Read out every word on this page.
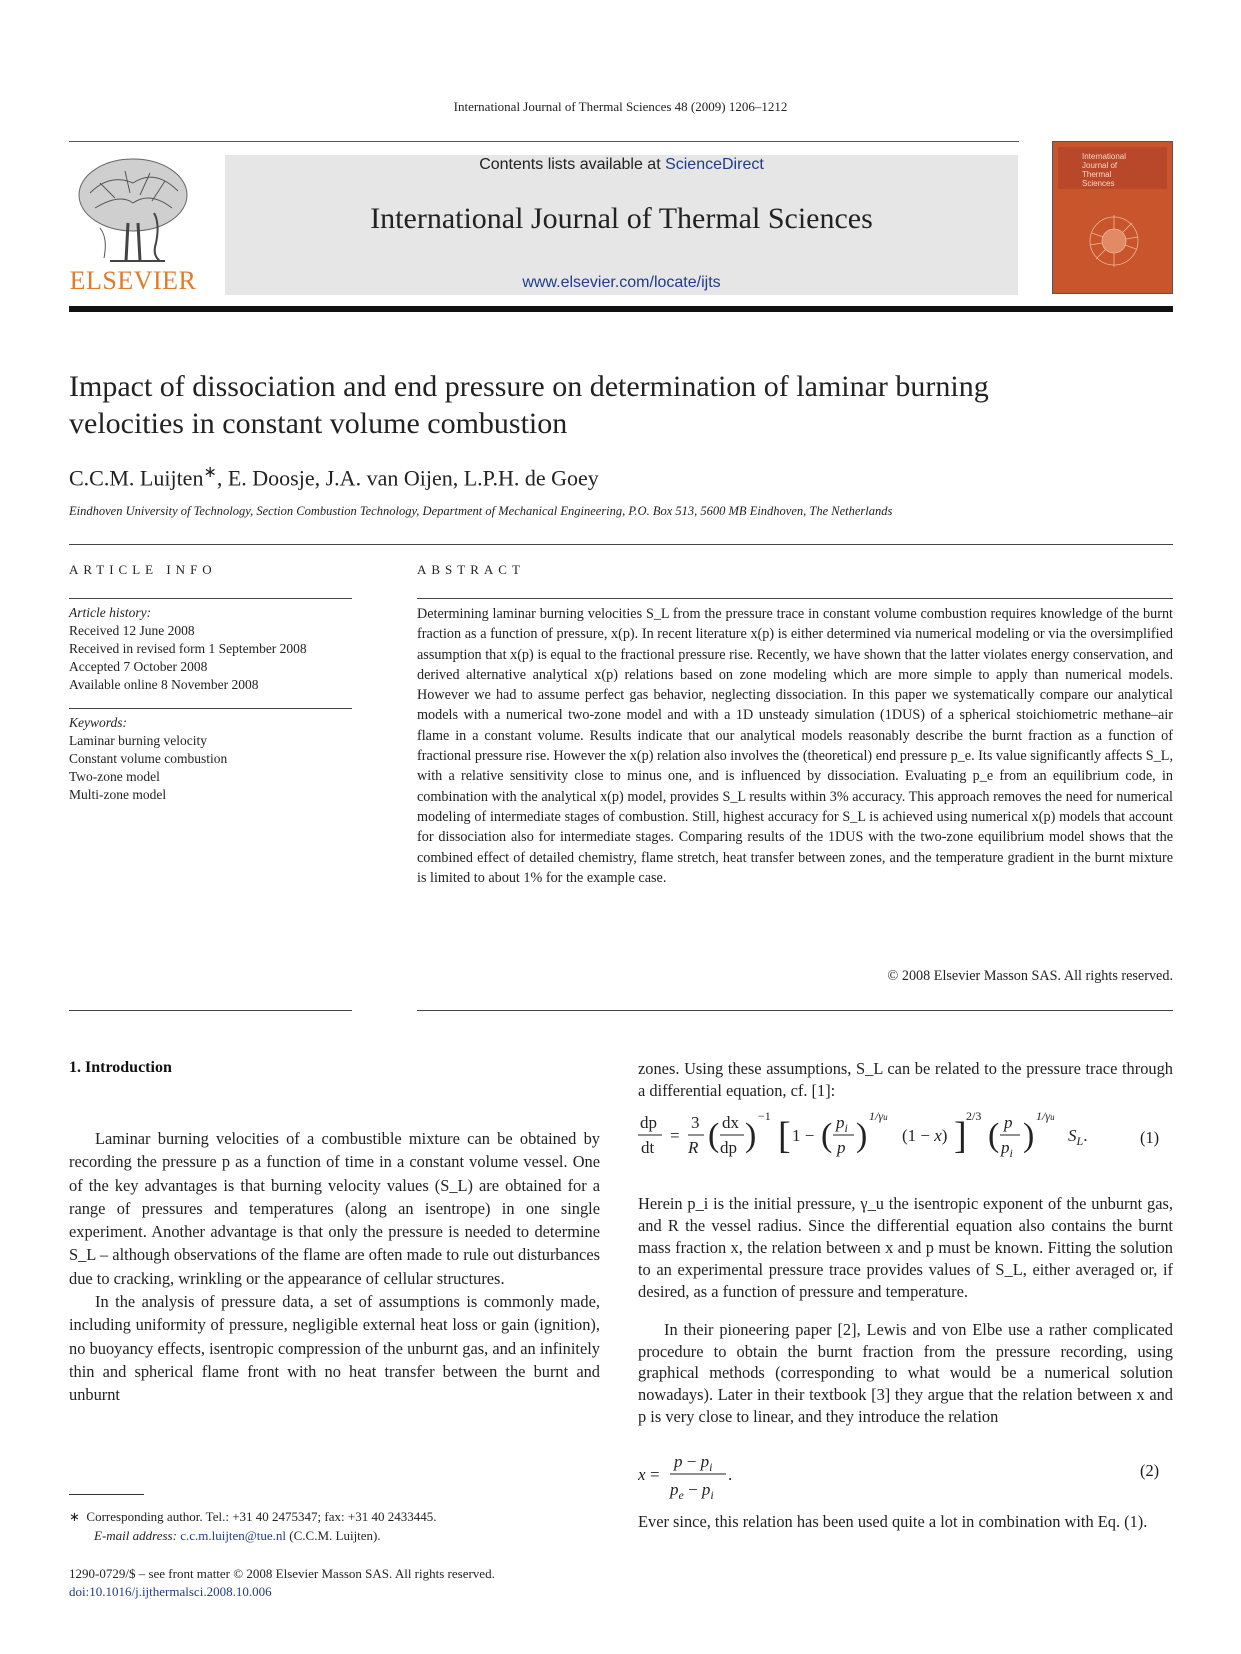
International Journal of Thermal Sciences 48 (2009) 1206–1212
ELSEVIER
Contents lists available at ScienceDirect
International Journal of Thermal Sciences
www.elsevier.com/locate/ijts
International
Journal of
Thermal
Sciences
Impact of dissociation and end pressure on determination of laminar burning
velocities in constant volume combustion
C.C.M. Luijten∗, E. Doosje, J.A. van Oijen, L.P.H. de Goey
Eindhoven University of Technology, Section Combustion Technology, Department of Mechanical Engineering, P.O. Box 513, 5600 MB Eindhoven, The Netherlands
ARTICLE INFO
Article history:
Received 12 June 2008
Received in revised form 1 September 2008
Accepted 7 October 2008
Available online 8 November 2008
Keywords:
Laminar burning velocity
Constant volume combustion
Two-zone model
Multi-zone model
ABSTRACT
Determining laminar burning velocities S_L from the pressure trace in constant volume combustion requires knowledge of the burnt fraction as a function of pressure, x(p). In recent literature x(p) is either determined via numerical modeling or via the oversimplified assumption that x(p) is equal to the fractional pressure rise. Recently, we have shown that the latter violates energy conservation, and derived alternative analytical x(p) relations based on zone modeling which are more simple to apply than numerical models. However we had to assume perfect gas behavior, neglecting dissociation. In this paper we systematically compare our analytical models with a numerical two-zone model and with a 1D unsteady simulation (1DUS) of a spherical stoichiometric methane–air flame in a constant volume. Results indicate that our analytical models reasonably describe the burnt fraction as a function of fractional pressure rise. However the x(p) relation also involves the (theoretical) end pressure p_e. Its value significantly affects S_L, with a relative sensitivity close to minus one, and is influenced by dissociation. Evaluating p_e from an equilibrium code, in combination with the analytical x(p) model, provides S_L results within 3% accuracy. This approach removes the need for numerical modeling of intermediate stages of combustion. Still, highest accuracy for S_L is achieved using numerical x(p) models that account for dissociation also for intermediate stages. Comparing results of the 1DUS with the two-zone equilibrium model shows that the combined effect of detailed chemistry, flame stretch, heat transfer between zones, and the temperature gradient in the burnt mixture is limited to about 1% for the example case.
© 2008 Elsevier Masson SAS. All rights reserved.
1. Introduction

Laminar burning velocities of a combustible mixture can be obtained by recording the pressure p as a function of time in a constant volume vessel. One of the key advantages is that burning velocity values (S_L) are obtained for a range of pressures and temperatures (along an isentrope) in one single experiment. Another advantage is that only the pressure is needed to determine S_L – although observations of the flame are often made to rule out disturbances due to cracking, wrinkling or the appearance of cellular structures.

In the analysis of pressure data, a set of assumptions is commonly made, including uniformity of pressure, negligible external heat loss or gain (ignition), no buoyancy effects, isentropic compression of the unburnt gas, and an infinitely thin and spherical flame front with no heat transfer between the burnt and unburnt

zones. Using these assumptions, S_L can be related to the pressure trace through a differential equation, cf. [1]:
dp
dt
=
3
R ( dx
dp )
−1 [ 1 − ( $p_i$
p )
1/γu
(1 − x) ] 2/3
( p
$p_i$ )
1/γu
$S_L$.	(1)

Herein p_i is the initial pressure, γ_u the isentropic exponent of the unburnt gas, and R the vessel radius. Since the differential equation also contains the burnt mass fraction x, the relation between x and p must be known. Fitting the solution to an experimental pressure trace provides values of S_L, either averaged or, if desired, as a function of pressure and temperature.

In their pioneering paper [2], Lewis and von Elbe use a rather complicated procedure to obtain the burnt fraction from the pressure recording, using graphical methods (corresponding to what would be a numerical solution nowadays). Later in their textbook [3] they argue that the relation between x and p is very close to linear, and they introduce the relation

x =
$p - p_i$
$p_e - p_i$
.	(2)
Ever since, this relation has been used quite a lot in combination with Eq. (1).
∗ Corresponding author. Tel.: +31 40 2475347; fax: +31 40 2433445.
E-mail address: c.c.m.luijten@tue.nl (C.C.M. Luijten).
1290-0729/$ – see front matter © 2008 Elsevier Masson SAS. All rights reserved.
doi:10.1016/j.ijthermalsci.2008.10.006
